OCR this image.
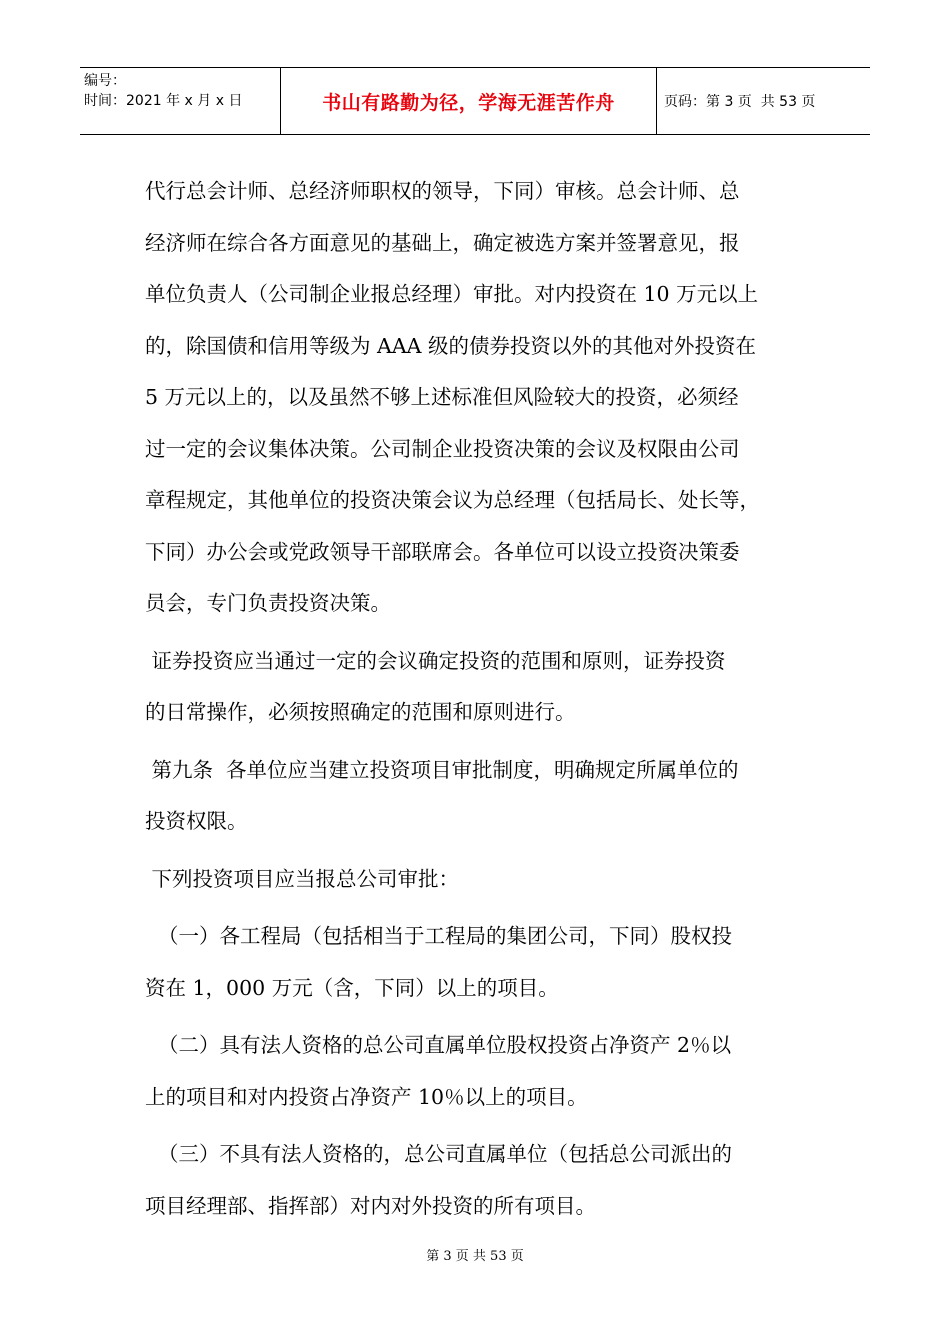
编号：
时间：2021 年 x 月 x 日	书山有路勤为径，学海无涯苦作舟	页码：第 3 页  共 53 页
代行总会计师、总经济师职权的领导，下同）审核。总会计师、总
经济师在综合各方面意见的基础上，确定被选方案并签署意见，报
单位负责人（公司制企业报总经理）审批。对内投资在 10 万元以上
的，除国债和信用等级为 AAA 级的债券投资以外的其他对外投资在
5 万元以上的，以及虽然不够上述标准但风险较大的投资，必须经
过一定的会议集体决策。公司制企业投资决策的会议及权限由公司
章程规定，其他单位的投资决策会议为总经理（包括局长、处长等，
下同）办公会或党政领导干部联席会。各单位可以设立投资决策委
员会，专门负责投资决策。
证券投资应当通过一定的会议确定投资的范围和原则，证券投资
的日常操作，必须按照确定的范围和原则进行。
第九条  各单位应当建立投资项目审批制度，明确规定所属单位的
投资权限。
下列投资项目应当报总公司审批：
（一）各工程局（包括相当于工程局的集团公司，下同）股权投
资在 1，000 万元（含，下同）以上的项目。
（二）具有法人资格的总公司直属单位股权投资占净资产 2％以
上的项目和对内投资占净资产 10％以上的项目。
（三）不具有法人资格的，总公司直属单位（包括总公司派出的
项目经理部、指挥部）对内对外投资的所有项目。
第 3 页 共 53 页
